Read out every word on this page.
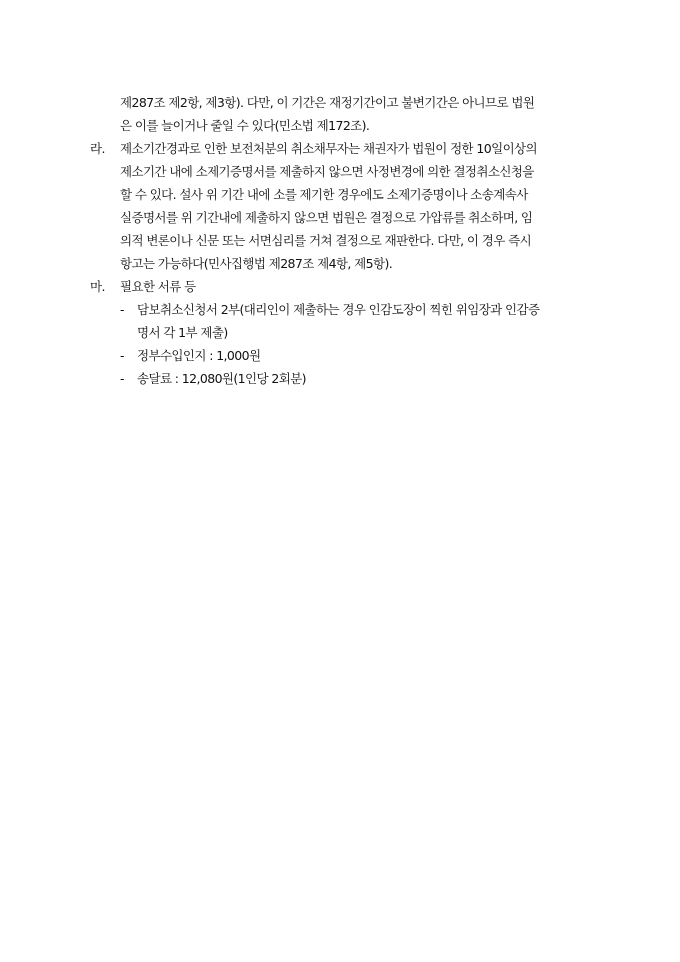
제287조 제2항, 제3항). 다만, 이 기간은 재정기간이고 불변기간은 아니므로 법원
은 이를 늘이거나 줄일 수 있다(민소법 제172조).
라. 제소기간경과로 인한 보전처분의 취소채무자는 채권자가 법원이 정한 10일이상의
제소기간 내에 소제기증명서를 제출하지 않으면 사정변경에 의한 결정취소신청을
할 수 있다. 설사 위 기간 내에 소를 제기한 경우에도 소제기증명이나 소송계속사
실증명서를 위 기간내에 제출하지 않으면 법원은 결정으로 가압류를 취소하며, 임
의적 변론이나 신문 또는 서면심리를 거쳐 결정으로 재판한다. 다만, 이 경우 즉시
항고는 가능하다(민사집행법 제287조 제4항, 제5항).
마. 필요한 서류 등
- 담보취소신청서 2부(대리인이 제출하는 경우 인감도장이 찍힌 위임장과 인감증
명서 각 1부 제출)
- 정부수입인지 : 1,000원
- 송달료 : 12,080원(1인당 2회분)
